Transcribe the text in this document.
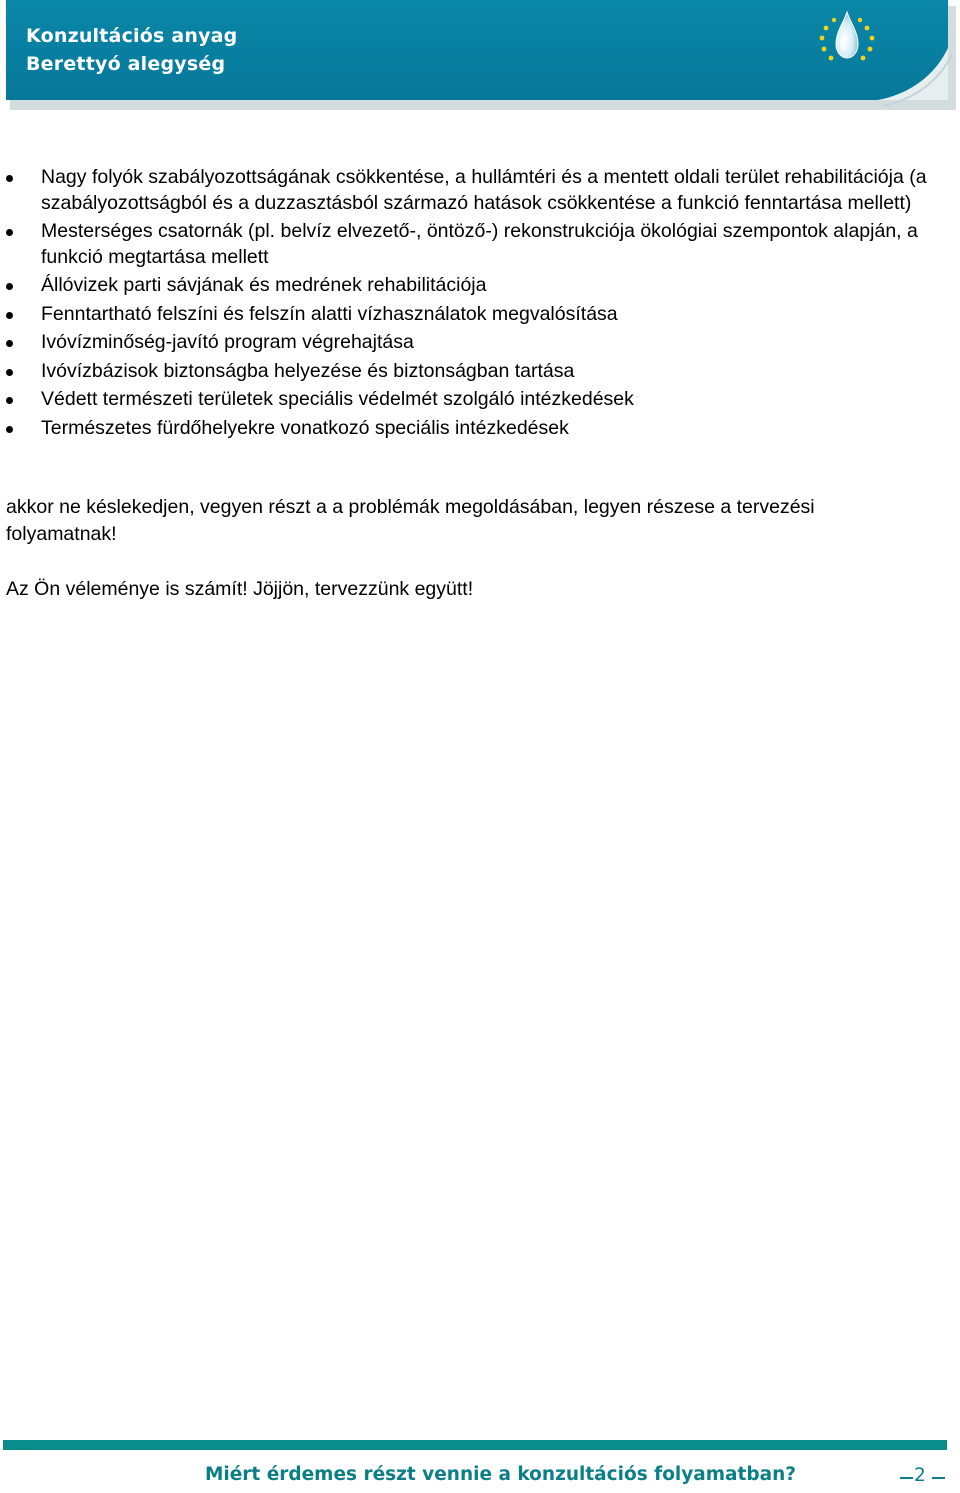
Konzultációs anyag
Berettyó alegység
Nagy folyók szabályozottságának csökkentése, a hullámtéri és a mentett oldali terület rehabilitációja (a szabályozottságból és a duzzasztásból származó hatások csökkentése a funkció fenntartása mellett)
Mesterséges csatornák (pl. belvíz elvezető-, öntöző-) rekonstrukciója ökológiai szempontok alapján, a funkció megtartása mellett
Állóvizek parti sávjának és medrének rehabilitációja
Fenntartható felszíni és felszín alatti vízhasználatok megvalósítása
Ivóvízminőség-javító program végrehajtása
Ivóvízbázisok biztonságba helyezése és biztonságban tartása
Védett természeti területek speciális védelmét szolgáló intézkedések
Természetes fürdőhelyekre vonatkozó speciális intézkedések

akkor ne késlekedjen, vegyen részt a a problémák megoldásában, legyen részese a tervezési folyamatnak!

Az Ön véleménye is számít! Jöjjön, tervezzünk együtt!

Miért érdemes részt vennie a konzultációs folyamatban?	2
